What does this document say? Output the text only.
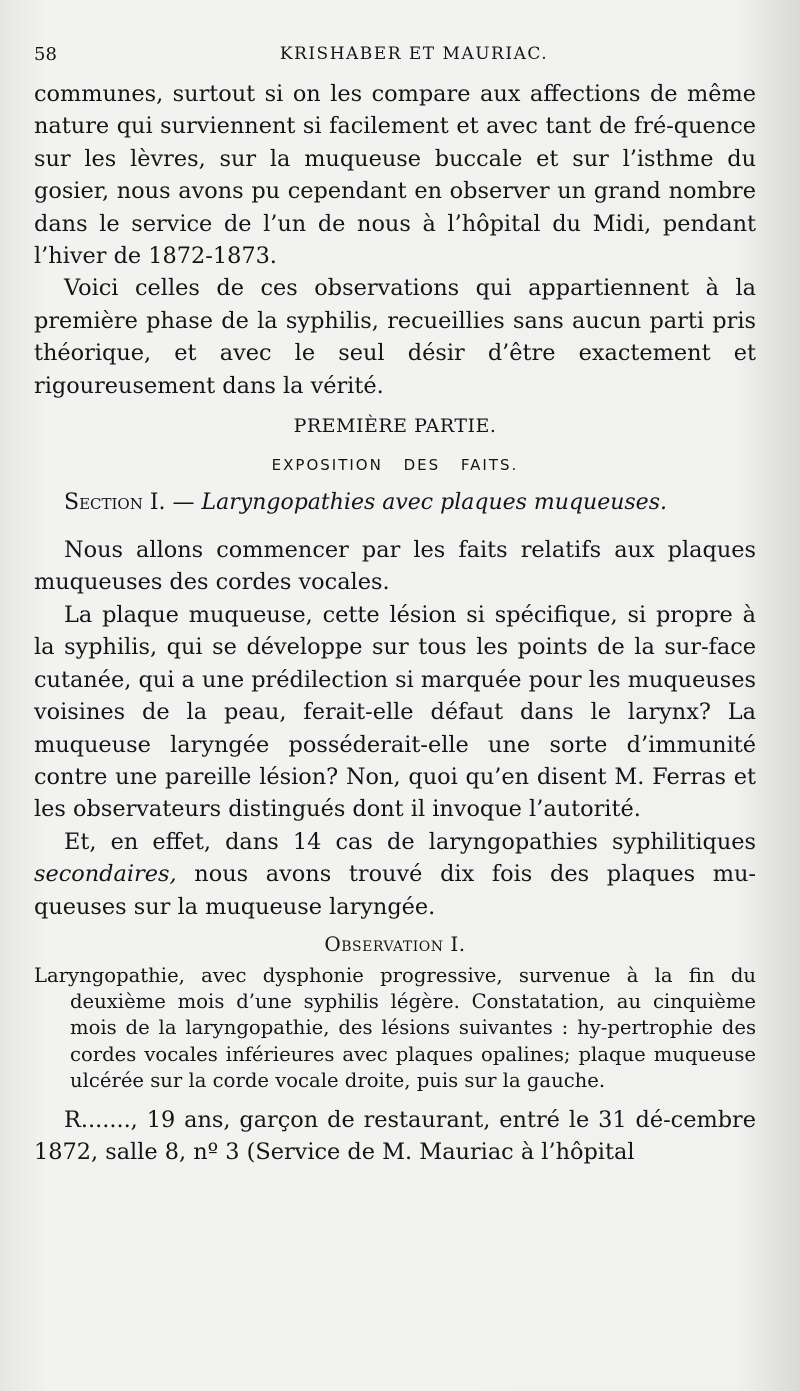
58	KRISHABER ET MAURIAC.

communes, surtout si on les compare aux affections de même nature qui surviennent si facilement et avec tant de fré-quence sur les lèvres, sur la muqueuse buccale et sur l’isthme du gosier, nous avons pu cependant en observer un grand nombre dans le service de l’un de nous à l’hôpital du Midi, pendant l’hiver de 1872-1873.

Voici celles de ces observations qui appartiennent à la première phase de la syphilis, recueillies sans aucun parti pris théorique, et avec le seul désir d’être exactement et rigoureusement dans la vérité.

PREMIÈRE PARTIE.
EXPOSITION DES FAITS.
Section I. — Laryngopathies avec plaques muqueuses.

Nous allons commencer par les faits relatifs aux plaques muqueuses des cordes vocales.

La plaque muqueuse, cette lésion si spécifique, si propre à la syphilis, qui se développe sur tous les points de la sur-face cutanée, qui a une prédilection si marquée pour les muqueuses voisines de la peau, ferait-elle défaut dans le larynx? La muqueuse laryngée posséderait-elle une sorte d’immunité contre une pareille lésion? Non, quoi qu’en disent M. Ferras et les observateurs distingués dont il invoque l’autorité.

Et, en effet, dans 14 cas de laryngopathies syphilitiques secondaires, nous avons trouvé dix fois des plaques mu-queuses sur la muqueuse laryngée.

Observation I.

Laryngopathie, avec dysphonie progressive, survenue à la fin du deuxième mois d’une syphilis légère. Constatation, au cinquième mois de la laryngopathie, des lésions suivantes : hy-pertrophie des cordes vocales inférieures avec plaques opalines; plaque muqueuse ulcérée sur la corde vocale droite, puis sur la gauche.

R......., 19 ans, garçon de restaurant, entré le 31 dé-cembre 1872, salle 8, nº 3 (Service de M. Mauriac à l’hôpital
